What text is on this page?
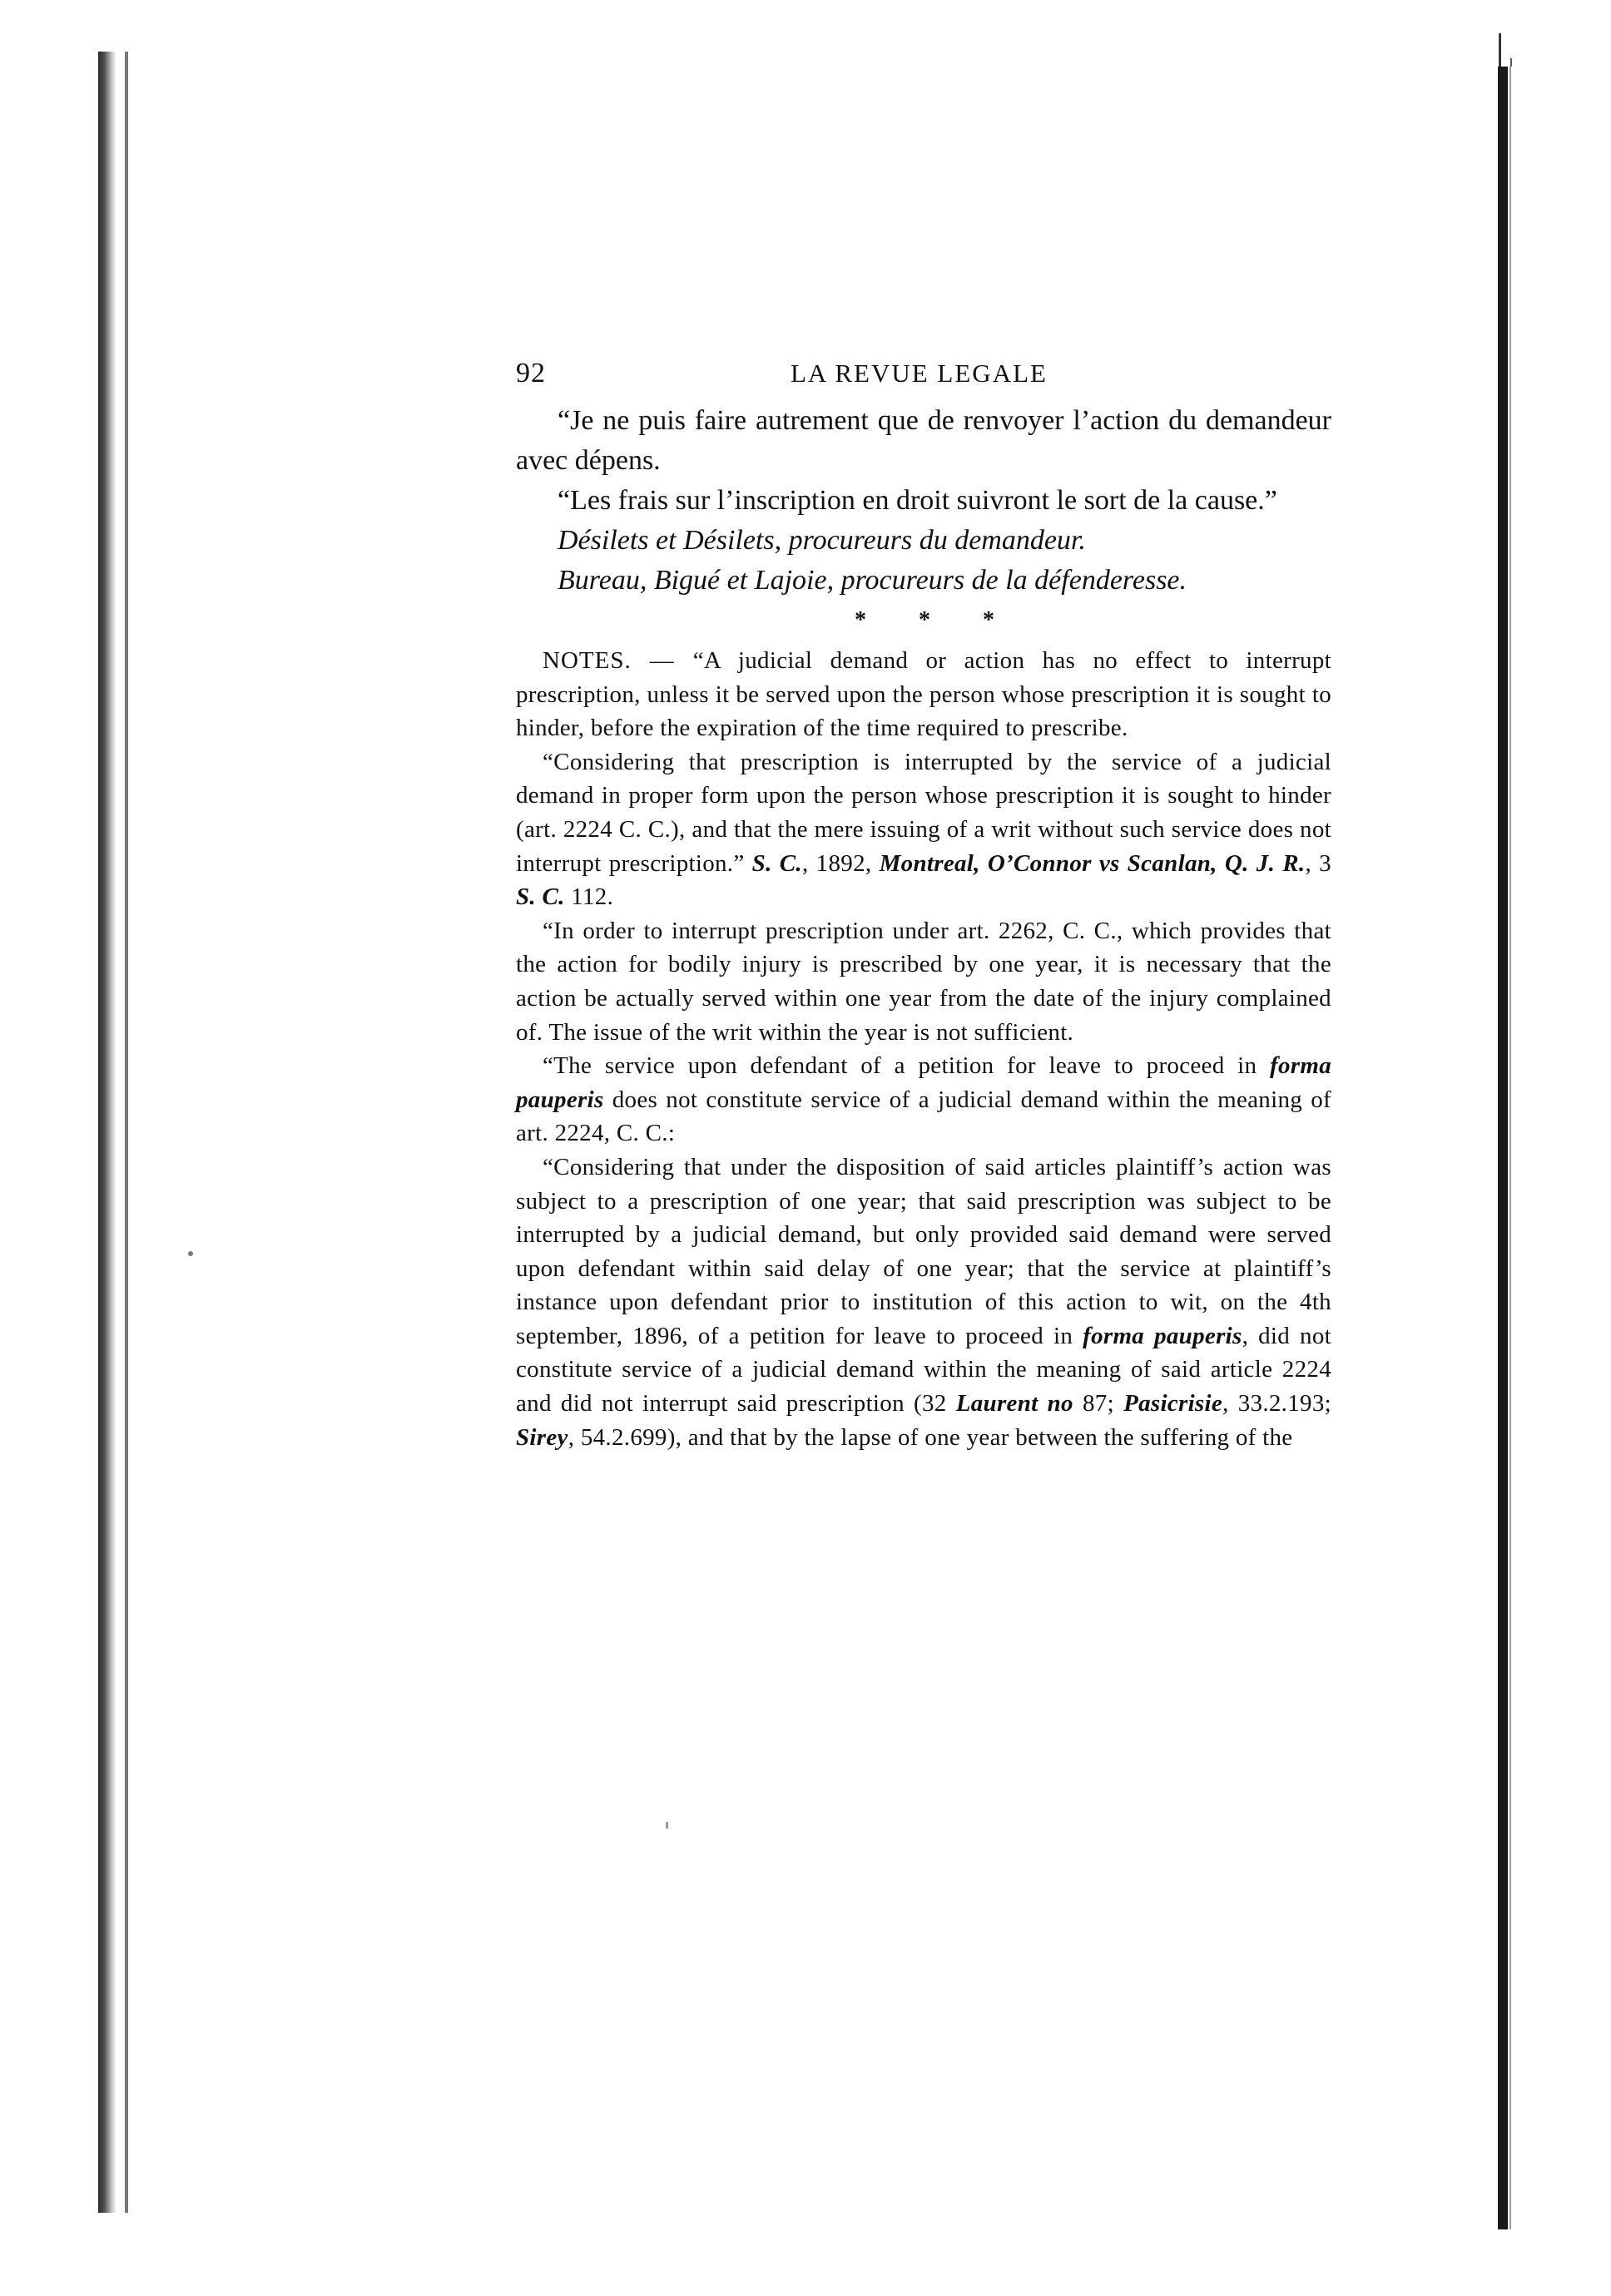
92	LA REVUE LEGALE

“Je ne puis faire autrement que de renvoyer l’action du demandeur avec dépens.

“Les frais sur l’inscription en droit suivront le sort de la cause.”

Désilets et Désilets, procureurs du demandeur.

Bureau, Bigué et Lajoie, procureurs de la défenderesse.

* * *

NOTES. — “A judicial demand or action has no effect to interrupt prescription, unless it be served upon the person whose prescription it is sought to hinder, before the expiration of the time required to prescribe.

“Considering that prescription is interrupted by the service of a judicial demand in proper form upon the person whose prescription it is sought to hinder (art. 2224 C. C.), and that the mere issuing of a writ without such service does not interrupt prescription.” S. C., 1892, Montreal, O’Connor vs Scanlan, Q. J. R., 3 S. C. 112.

“In order to interrupt prescription under art. 2262, C. C., which provides that the action for bodily injury is prescribed by one year, it is necessary that the action be actually served within one year from the date of the injury complained of. The issue of the writ within the year is not sufficient.

“The service upon defendant of a petition for leave to proceed in forma pauperis does not constitute service of a judicial demand within the meaning of art. 2224, C. C.:

“Considering that under the disposition of said articles plaintiff’s action was subject to a prescription of one year; that said prescription was subject to be interrupted by a judicial demand, but only provided said demand were served upon defendant within said delay of one year; that the service at plaintiff’s instance upon defendant prior to institution of this action to wit, on the 4th september, 1896, of a petition for leave to proceed in forma pauperis, did not constitute service of a judicial demand within the meaning of said article 2224 and did not interrupt said prescription (32 Laurent no 87; Pasicrisie, 33.2.193; Sirey, 54.2.699), and that by the lapse of one year between the suffering of the
